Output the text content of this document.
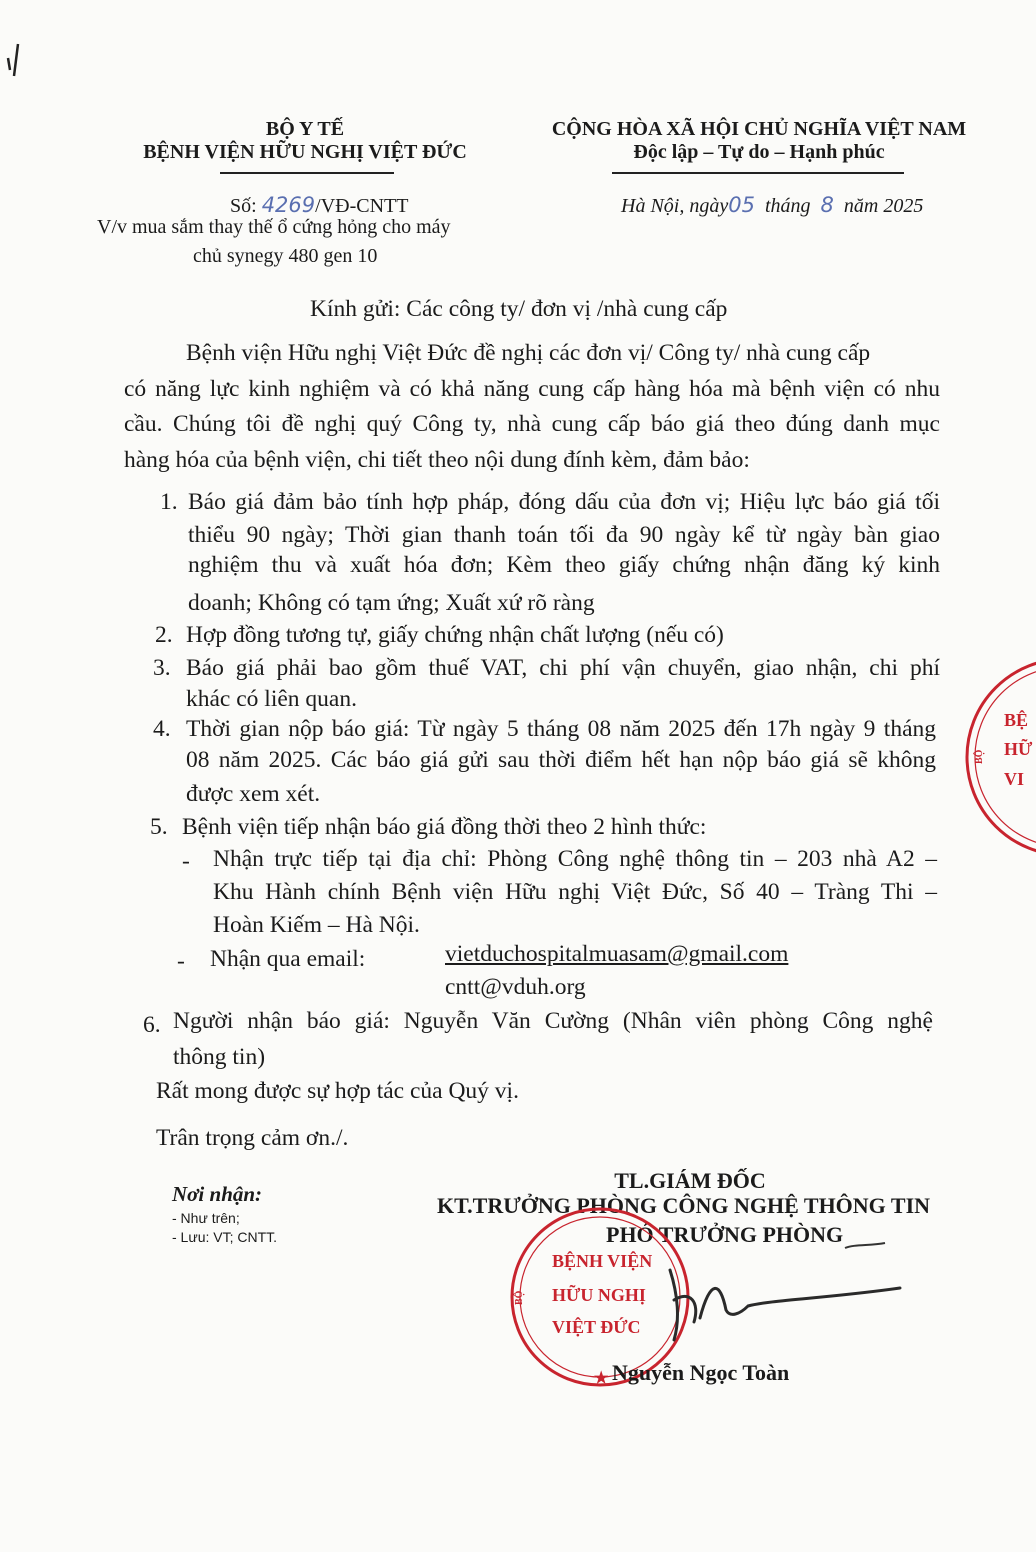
BỘ Y TẾ
BỆNH VIỆN HỮU NGHỊ VIỆT ĐỨC
CỘNG HÒA XÃ HỘI CHỦ NGHĨA VIỆT NAM
Độc lập – Tự do – Hạnh phúc
Số: 4269/VĐ-CNTT
V/v mua sắm thay thế ổ cứng hỏng cho máy
chủ synegy 480 gen 10
Hà Nội, ngày05 tháng 8 năm 2025
Kính gửi: Các công ty/ đơn vị /nhà cung cấp
Bệnh viện Hữu nghị Việt Đức đề nghị các đơn vị/ Công ty/ nhà cung cấp
có năng lực kinh nghiệm và có khả năng cung cấp hàng hóa mà bệnh viện có nhu
cầu. Chúng tôi đề nghị quý Công ty, nhà cung cấp báo giá theo đúng danh mục
hàng hóa của bệnh viện, chi tiết theo nội dung đính kèm, đảm bảo:
1. Báo giá đảm bảo tính hợp pháp, đóng dấu của đơn vị; Hiệu lực báo giá tối
thiểu 90 ngày; Thời gian thanh toán tối đa 90 ngày kể từ ngày bàn giao
nghiệm thu và xuất hóa đơn; Kèm theo giấy chứng nhận đăng ký kinh
doanh; Không có tạm ứng; Xuất xứ rõ ràng
2. Hợp đồng tương tự, giấy chứng nhận chất lượng (nếu có)
3. Báo giá phải bao gồm thuế VAT, chi phí vận chuyển, giao nhận, chi phí
khác có liên quan.
4. Thời gian nộp báo giá: Từ ngày 5 tháng 08 năm 2025 đến 17h ngày 9 tháng
08 năm 2025. Các báo giá gửi sau thời điểm hết hạn nộp báo giá sẽ không
được xem xét.
5. Bệnh viện tiếp nhận báo giá đồng thời theo 2 hình thức:
- Nhận trực tiếp tại địa chỉ: Phòng Công nghệ thông tin – 203 nhà A2 –
Khu Hành chính Bệnh viện Hữu nghị Việt Đức, Số 40 – Tràng Thi –
Hoàn Kiếm – Hà Nội.
- Nhận qua email:	vietduchospitalmuasam@gmail.com
cntt@vduh.org
6. Người nhận báo giá: Nguyễn Văn Cường (Nhân viên phòng Công nghệ
thông tin)
Rất mong được sự hợp tác của Quý vị.
Trân trọng cảm ơn./.
Nơi nhận:
- Như trên;
- Lưu: VT; CNTT.
TL.GIÁM ĐỐC
KT.TRƯỞNG PHÒNG CÔNG NGHỆ THÔNG TIN
PHÓ TRƯỞNG PHÒNG
BỆNH VIỆN
HỮU NGHỊ
VIỆT ĐỨC
BỘ
★ Nguyễn Ngọc Toàn
BỆ
HỮ
VI
BỘ
